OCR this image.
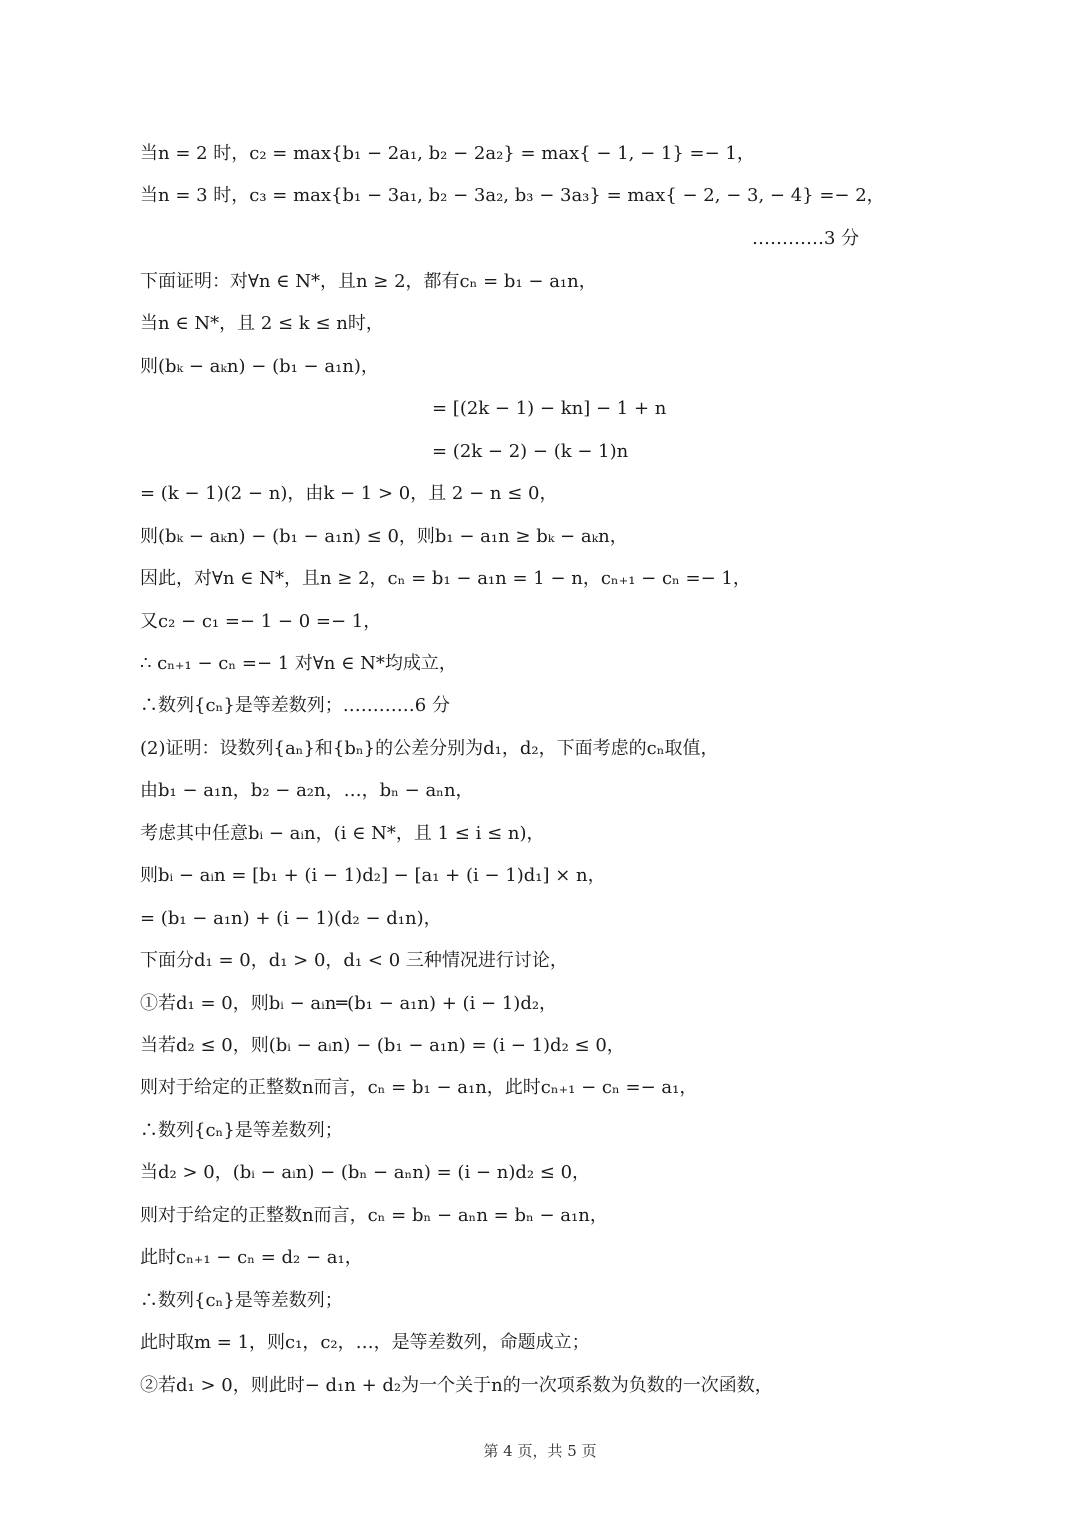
当n = 2 时，c₂ = max{b₁ − 2a₁, b₂ − 2a₂} = max{ − 1, − 1} =− 1，
当n = 3 时，c₃ = max{b₁ − 3a₁, b₂ − 3a₂, b₃ − 3a₃} = max{ − 2, − 3, − 4} =− 2，
…………3 分
下面证明：对∀n ∈ N*，且n ≥ 2，都有cₙ = b₁ − a₁n，
当n ∈ N*，且 2 ≤ k ≤ n时，
则(bₖ − aₖn) − (b₁ − a₁n)，
= [(2k − 1) − kn] − 1 + n
= (2k − 2) − (k − 1)n
= (k − 1)(2 − n)，由k − 1 > 0，且 2 − n ≤ 0，
则(bₖ − aₖn) − (b₁ − a₁n) ≤ 0，则b₁ − a₁n ≥ bₖ − aₖn，
因此，对∀n ∈ N*，且n ≥ 2，cₙ = b₁ − a₁n = 1 − n，cₙ₊₁ − cₙ =− 1，
又c₂ − c₁ =− 1 − 0 =− 1，
∴ cₙ₊₁ − cₙ =− 1 对∀n ∈ N*均成立，
∴数列{cₙ}是等差数列；…………6 分
(2)证明：设数列{aₙ}和{bₙ}的公差分别为d₁，d₂，下面考虑的cₙ取值，
由b₁ − a₁n，b₂ − a₂n，…，bₙ − aₙn，
考虑其中任意bᵢ − aᵢn，(i ∈ N*，且 1 ≤ i ≤ n)，
则bᵢ − aᵢn = [b₁ + (i − 1)d₂] − [a₁ + (i − 1)d₁] × n，
= (b₁ − a₁n) + (i − 1)(d₂ − d₁n)，
下面分d₁ = 0，d₁ > 0，d₁ < 0 三种情况进行讨论，
①若d₁ = 0，则bᵢ − aᵢn═(b₁ − a₁n) + (i − 1)d₂，
当若d₂ ≤ 0，则(bᵢ − aᵢn) − (b₁ − a₁n) = (i − 1)d₂ ≤ 0，
则对于给定的正整数n而言，cₙ = b₁ − a₁n，此时cₙ₊₁ − cₙ =− a₁，
∴数列{cₙ}是等差数列；
当d₂ > 0，(bᵢ − aᵢn) − (bₙ − aₙn) = (i − n)d₂ ≤ 0，
则对于给定的正整数n而言，cₙ = bₙ − aₙn = bₙ − a₁n，
此时cₙ₊₁ − cₙ = d₂ − a₁，
∴数列{cₙ}是等差数列；
此时取m = 1，则c₁，c₂，…，是等差数列，命题成立；
②若d₁ > 0，则此时− d₁n + d₂为一个关于n的一次项系数为负数的一次函数，
第 4 页，共 5 页
